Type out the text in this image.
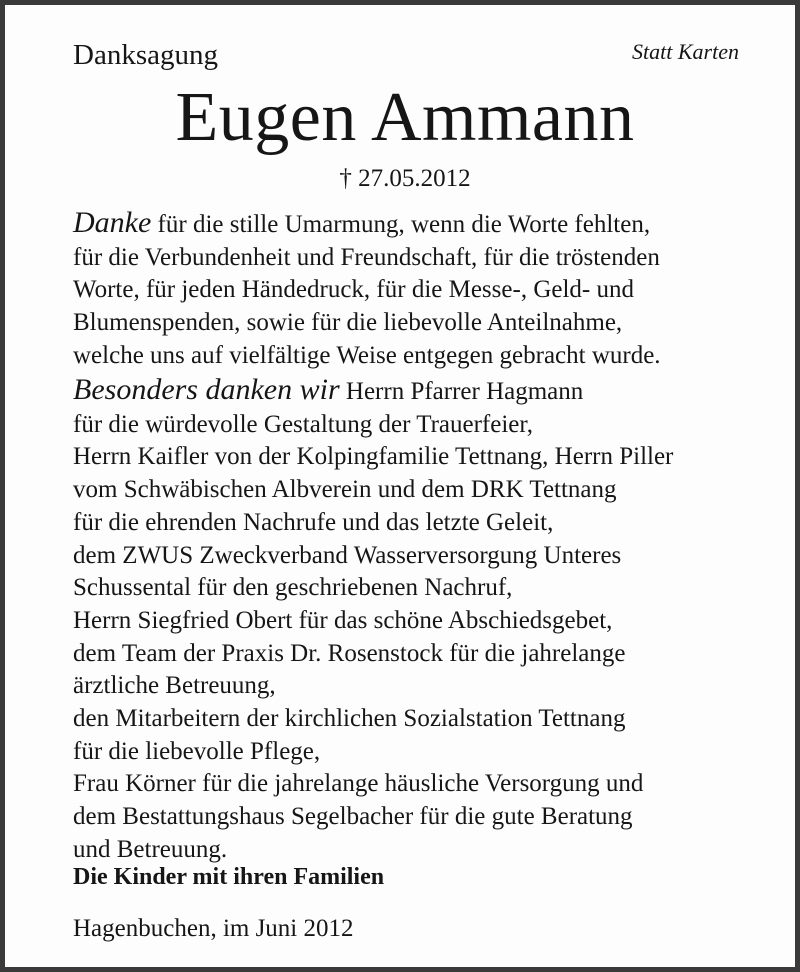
Danksagung	Statt Karten
Eugen Ammann
† 27.05.2012
Danke für die stille Umarmung, wenn die Worte fehlten,
für die Verbundenheit und Freundschaft, für die tröstenden
Worte, für jeden Händedruck, für die Messe-, Geld- und
Blumenspenden, sowie für die liebevolle Anteilnahme,
welche uns auf vielfältige Weise entgegen gebracht wurde.
Besonders danken wir Herrn Pfarrer Hagmann
für die würdevolle Gestaltung der Trauerfeier,
Herrn Kaifler von der Kolpingfamilie Tettnang, Herrn Piller
vom Schwäbischen Albverein und dem DRK Tettnang
für die ehrenden Nachrufe und das letzte Geleit,
dem ZWUS Zweckverband Wasserversorgung Unteres
Schussental für den geschriebenen Nachruf,
Herrn Siegfried Obert für das schöne Abschiedsgebet,
dem Team der Praxis Dr. Rosenstock für die jahrelange
ärztliche Betreuung,
den Mitarbeitern der kirchlichen Sozialstation Tettnang
für die liebevolle Pflege,
Frau Körner für die jahrelange häusliche Versorgung und
dem Bestattungshaus Segelbacher für die gute Beratung
und Betreuung.
Die Kinder mit ihren Familien
Hagenbuchen, im Juni 2012
